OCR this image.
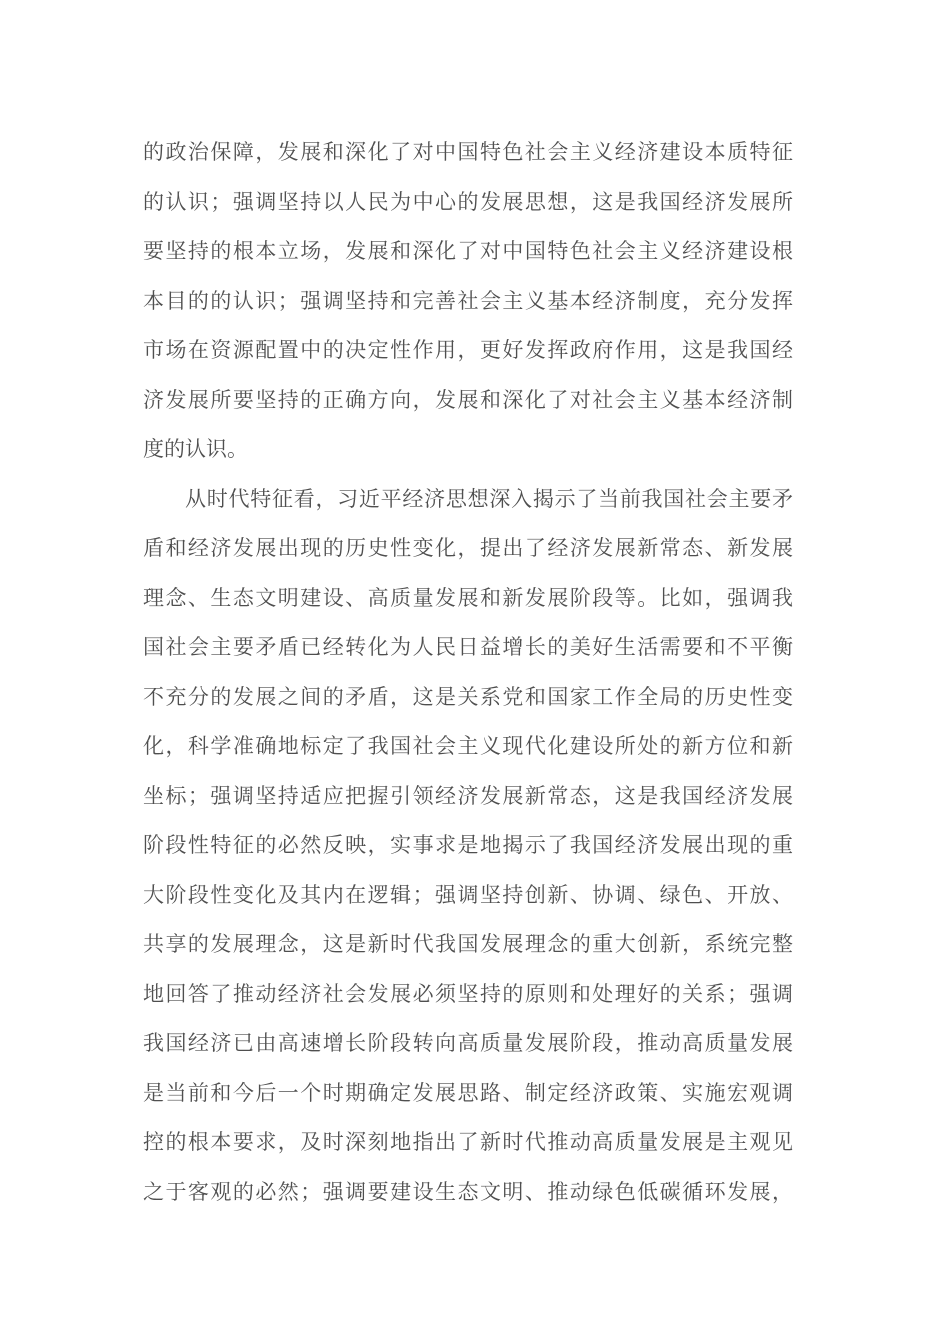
的政治保障，发展和深化了对中国特色社会主义经济建设本质特征
的认识；强调坚持以人民为中心的发展思想，这是我国经济发展所
要坚持的根本立场，发展和深化了对中国特色社会主义经济建设根
本目的的认识；强调坚持和完善社会主义基本经济制度，充分发挥
市场在资源配置中的决定性作用，更好发挥政府作用，这是我国经
济发展所要坚持的正确方向，发展和深化了对社会主义基本经济制
度的认识。
从时代特征看，习近平经济思想深入揭示了当前我国社会主要矛
盾和经济发展出现的历史性变化，提出了经济发展新常态、新发展
理念、生态文明建设、高质量发展和新发展阶段等。比如，强调我
国社会主要矛盾已经转化为人民日益增长的美好生活需要和不平衡
不充分的发展之间的矛盾，这是关系党和国家工作全局的历史性变
化，科学准确地标定了我国社会主义现代化建设所处的新方位和新
坐标；强调坚持适应把握引领经济发展新常态，这是我国经济发展
阶段性特征的必然反映，实事求是地揭示了我国经济发展出现的重
大阶段性变化及其内在逻辑；强调坚持创新、协调、绿色、开放、
共享的发展理念，这是新时代我国发展理念的重大创新，系统完整
地回答了推动经济社会发展必须坚持的原则和处理好的关系；强调
我国经济已由高速增长阶段转向高质量发展阶段，推动高质量发展
是当前和今后一个时期确定发展思路、制定经济政策、实施宏观调
控的根本要求，及时深刻地指出了新时代推动高质量发展是主观见
之于客观的必然；强调要建设生态文明、推动绿色低碳循环发展，
